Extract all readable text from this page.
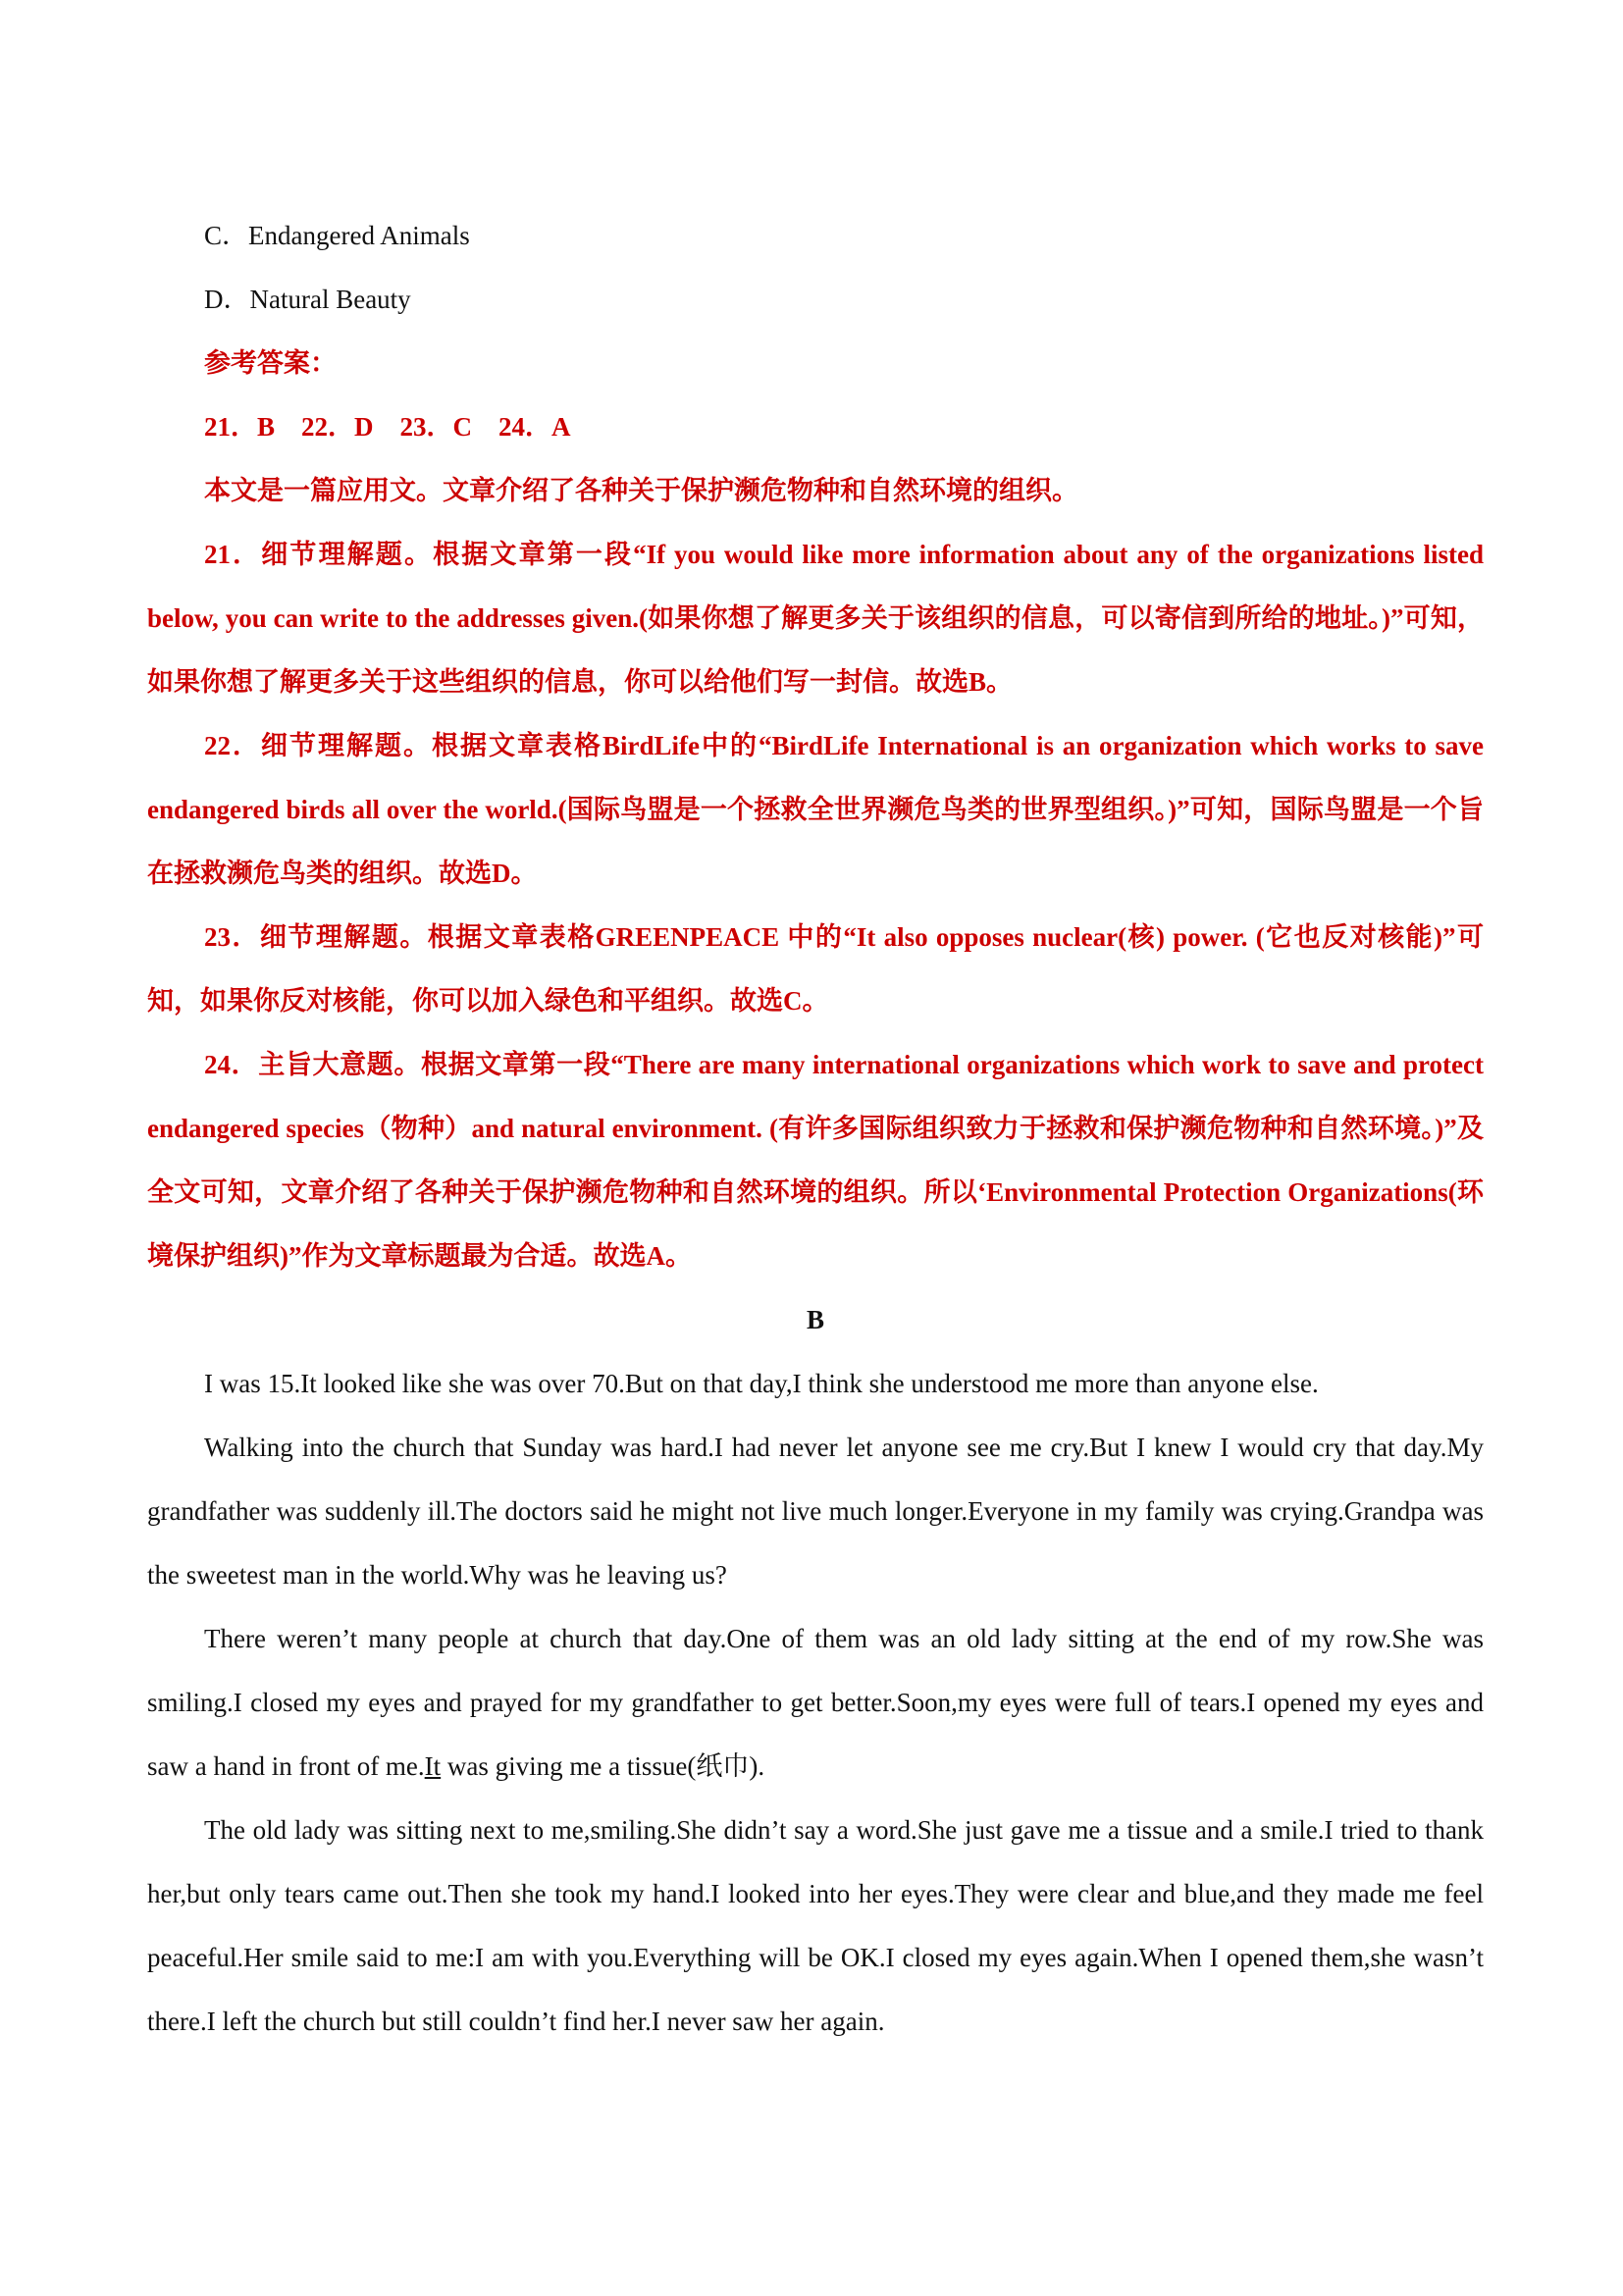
C．Endangered Animals

D．Natural Beauty

参考答案：

21．B　22．D　23．C　24．A

本文是一篇应用文。文章介绍了各种关于保护濒危物种和自然环境的组织。

21．细节理解题。根据文章第一段“If you would like more information about any of the organizations listed below, you can write to the addresses given.(如果你想了解更多关于该组织的信息，可以寄信到所给的地址。)”可知，如果你想了解更多关于这些组织的信息，你可以给他们写一封信。故选B。

22．细节理解题。根据文章表格BirdLife中的“BirdLife International is an organization which works to save endangered birds all over the world.(国际鸟盟是一个拯救全世界濒危鸟类的世界型组织。)”可知，国际鸟盟是一个旨在拯救濒危鸟类的组织。故选D。

23．细节理解题。根据文章表格GREENPEACE 中的“It also opposes nuclear(核) power. (它也反对核能)”可知，如果你反对核能，你可以加入绿色和平组织。故选C。

24．主旨大意题。根据文章第一段“There are many international organizations which work to save and protect endangered species（物种）and natural environment. (有许多国际组织致力于拯救和保护濒危物种和自然环境。)”及全文可知，文章介绍了各种关于保护濒危物种和自然环境的组织。所以‘Environmental Protection Organizations(环境保护组织)”作为文章标题最为合适。故选A。

B

I was 15.It looked like she was over 70.But on that day,I think she understood me more than anyone else.

Walking into the church that Sunday was hard.I had never let anyone see me cry.But I knew I would cry that day.My grandfather was suddenly ill.The doctors said he might not live much longer.Everyone in my family was crying.Grandpa was the sweetest man in the world.Why was he leaving us?

There weren’t many people at church that day.One of them was an old lady sitting at the end of my row.She was smiling.I closed my eyes and prayed for my grandfather to get better.Soon,my eyes were full of tears.I opened my eyes and saw a hand in front of me.It was giving me a tissue(纸巾).

The old lady was sitting next to me,smiling.She didn’t say a word.She just gave me a tissue and a smile.I tried to thank her,but only tears came out.Then she took my hand.I looked into her eyes.They were clear and blue,and they made me feel peaceful.Her smile said to me:I am with you.Everything will be OK.I closed my eyes again.When I opened them,she wasn’t there.I left the church but still couldn’t find her.I never saw her again.
